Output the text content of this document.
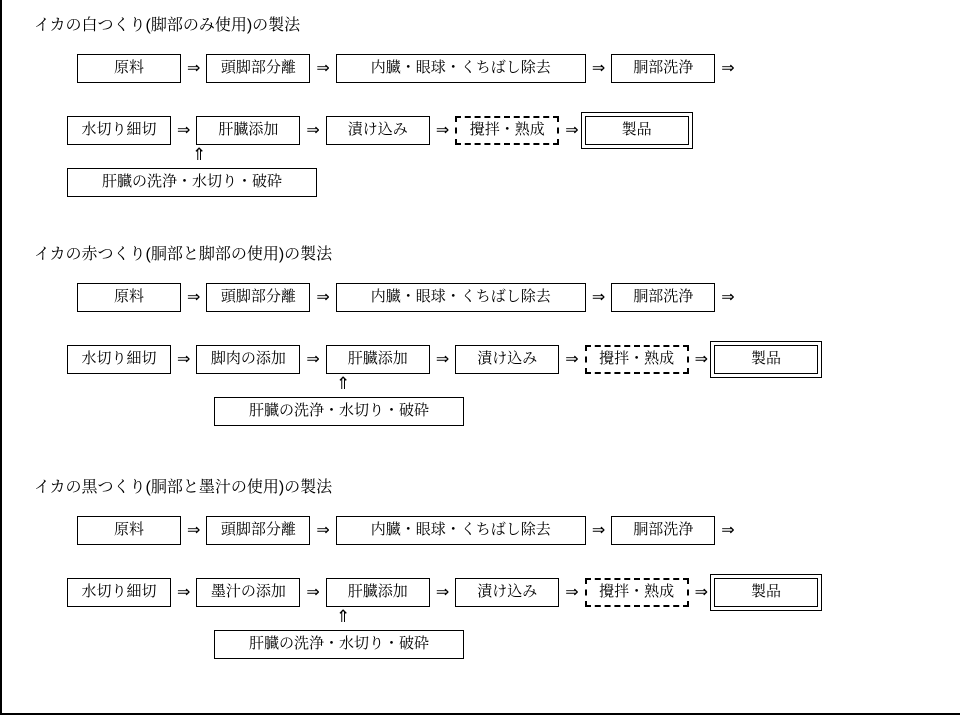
イカの白つくり(脚部のみ使用)の製法
原料	⇒	頭脚部分離	⇒	内臓・眼球・くちばし除去	⇒	胴部洗浄	⇒
水切り細切	⇒	肝臓添加	⇒	漬け込み	⇒	攪拌・熟成	⇒	製品
⇑
肝臓の洗浄・水切り・破砕
イカの赤つくり(胴部と脚部の使用)の製法
原料	⇒	頭脚部分離	⇒	内臓・眼球・くちばし除去	⇒	胴部洗浄	⇒
水切り細切	⇒	脚肉の添加	⇒	肝臓添加	⇒	漬け込み	⇒	攪拌・熟成	⇒	製品
⇑
肝臓の洗浄・水切り・破砕
イカの黒つくり(胴部と墨汁の使用)の製法
原料	⇒	頭脚部分離	⇒	内臓・眼球・くちばし除去	⇒	胴部洗浄	⇒
水切り細切	⇒	墨汁の添加	⇒	肝臓添加	⇒	漬け込み	⇒	攪拌・熟成	⇒	製品
⇑
肝臓の洗浄・水切り・破砕
